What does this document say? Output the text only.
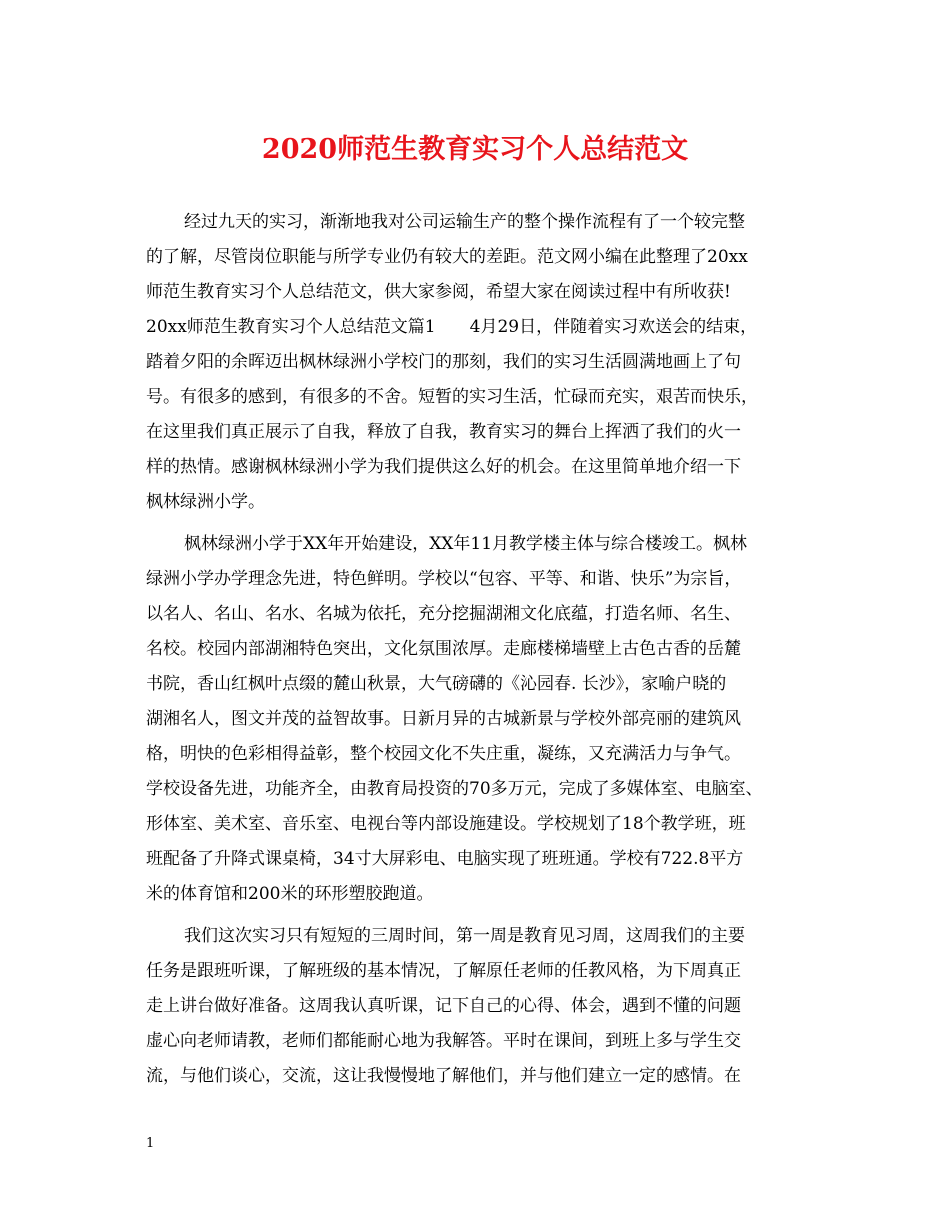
2020师范生教育实习个人总结范文
经过九天的实习，渐渐地我对公司运输生产的整个操作流程有了一个较完整
的了解，尽管岗位职能与所学专业仍有较大的差距。范文网小编在此整理了20xx
师范生教育实习个人总结范文，供大家参阅，希望大家在阅读过程中有所收获!
20xx师范生教育实习个人总结范文篇1　　4月29日，伴随着实习欢送会的结束，
踏着夕阳的余晖迈出枫林绿洲小学校门的那刻，我们的实习生活圆满地画上了句
号。有很多的感到，有很多的不舍。短暂的实习生活，忙碌而充实，艰苦而快乐，
在这里我们真正展示了自我，释放了自我，教育实习的舞台上挥洒了我们的火一
样的热情。感谢枫林绿洲小学为我们提供这么好的机会。在这里简单地介绍一下
枫林绿洲小学。
枫林绿洲小学于XX年开始建设，XX年11月教学楼主体与综合楼竣工。枫林
绿洲小学办学理念先进，特色鲜明。学校以“包容、平等、和谐、快乐”为宗旨，
以名人、名山、名水、名城为依托，充分挖掘湖湘文化底蕴，打造名师、名生、
名校。校园内部湖湘特色突出，文化氛围浓厚。走廊楼梯墙壁上古色古香的岳麓
书院，香山红枫叶点缀的麓山秋景，大气磅礴的《沁园春. 长沙》，家喻户晓的
湖湘名人，图文并茂的益智故事。日新月异的古城新景与学校外部亮丽的建筑风
格，明快的色彩相得益彰，整个校园文化不失庄重，凝练，又充满活力与争气。
学校设备先进，功能齐全，由教育局投资的70多万元，完成了多媒体室、电脑室、
形体室、美术室、音乐室、电视台等内部设施建设。学校规划了18个教学班，班
班配备了升降式课桌椅，34寸大屏彩电、电脑实现了班班通。学校有722.8平方
米的体育馆和200米的环形塑胶跑道。
我们这次实习只有短短的三周时间，第一周是教育见习周，这周我们的主要
任务是跟班听课，了解班级的基本情况，了解原任老师的任教风格，为下周真正
走上讲台做好准备。这周我认真听课，记下自己的心得、体会，遇到不懂的问题
虚心向老师请教，老师们都能耐心地为我解答。平时在课间，到班上多与学生交
流，与他们谈心，交流，这让我慢慢地了解他们，并与他们建立一定的感情。在
1
